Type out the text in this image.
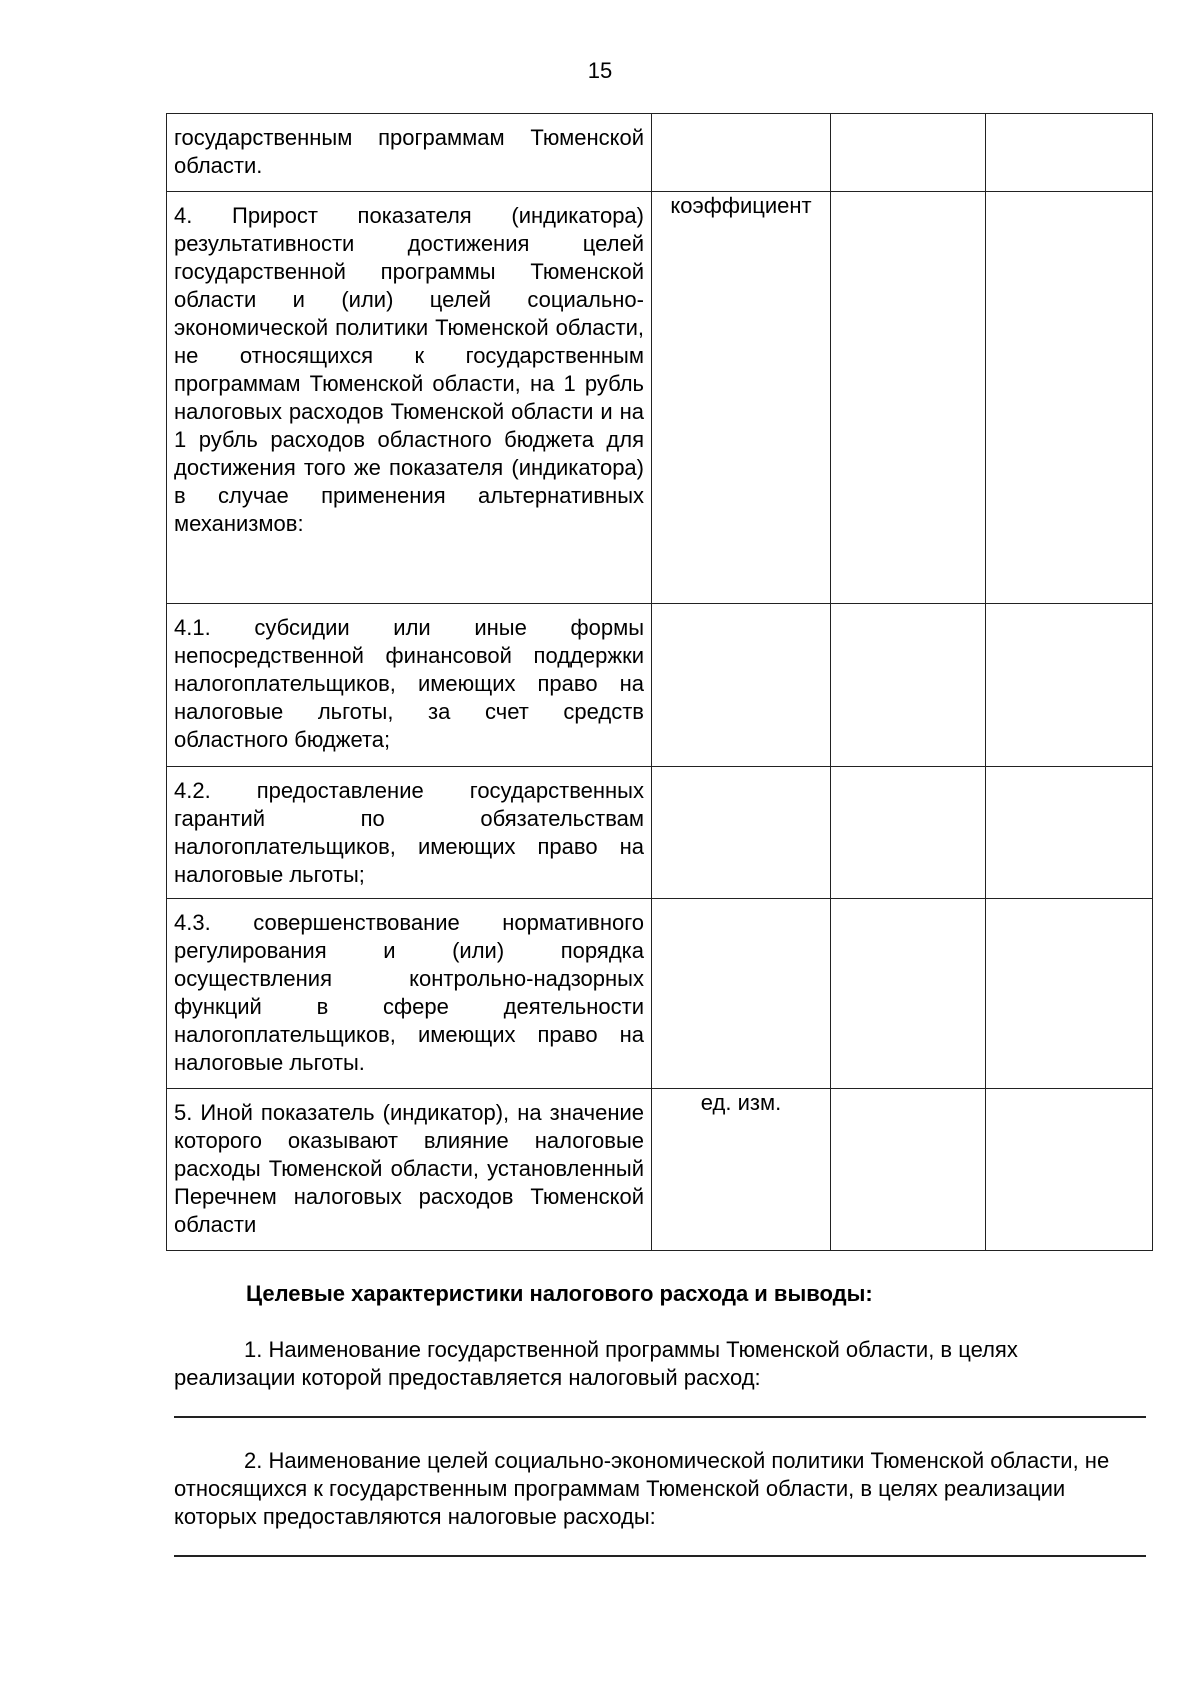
15
государственным программам Тюменской области.			

4. Прирост показателя (индикатора) результативности достижения целей государственной программы Тюменской области и (или) целей социально-экономической политики Тюменской области, не относящихся к государственным программам Тюменской области, на 1 рубль налоговых расходов Тюменской области и на 1 рубль расходов областного бюджета для достижения того же показателя (индикатора) в случае применения альтернативных механизмов:	коэффициент		

4.1. субсидии или иные формы непосредственной финансовой поддержки налогоплательщиков, имеющих право на налоговые льготы, за счет средств областного бюджета;			

4.2. предоставление государственных гарантий по обязательствам налогоплательщиков, имеющих право на налоговые льготы;			

4.3. совершенствование нормативного регулирования и (или) порядка осуществления контрольно-надзорных функций в сфере деятельности налогоплательщиков, имеющих право на налоговые льготы.			

5. Иной показатель (индикатор), на значение которого оказывают влияние налоговые расходы Тюменской области, установленный Перечнем налоговых расходов Тюменской области	ед. изм.		

Целевые характеристики налогового расхода и выводы:
1. Наименование государственной программы Тюменской области, в целях реализации которой предоставляется налоговый расход:
2. Наименование целей социально-экономической политики Тюменской области, не относящихся к государственным программам Тюменской области, в целях реализации которых предоставляются налоговые расходы:
